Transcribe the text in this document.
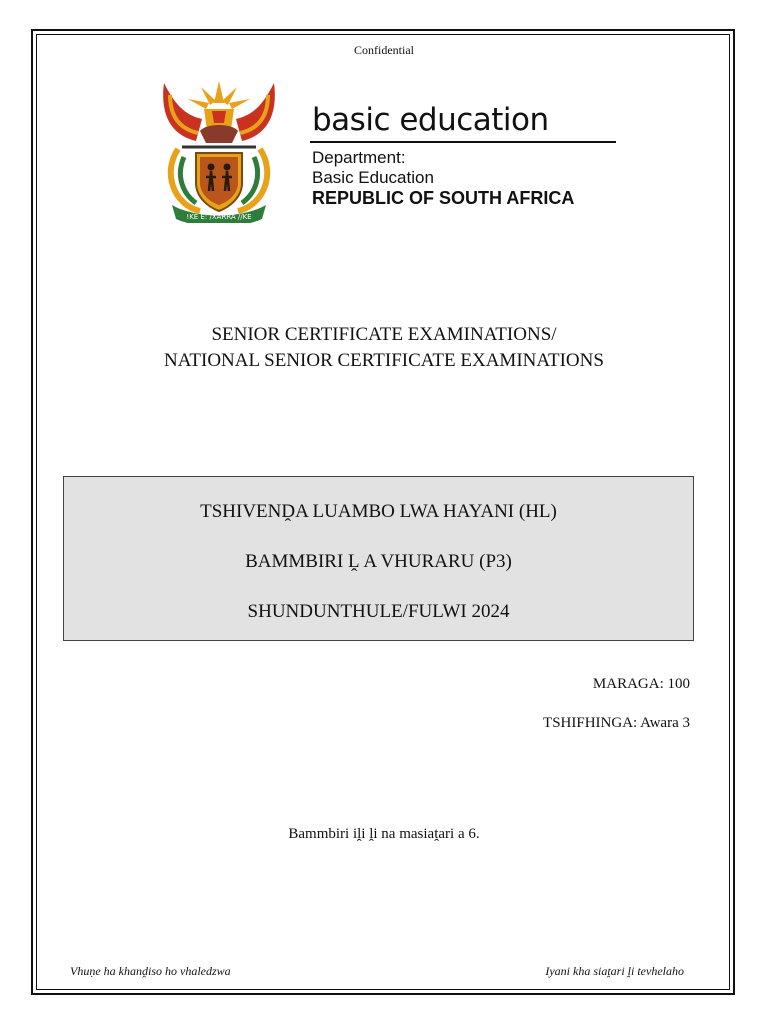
Confidential
!KE E: /XARRA //KE
basic education
Department:
Basic Education
REPUBLIC OF SOUTH AFRICA
SENIOR CERTIFICATE EXAMINATIONS/
NATIONAL SENIOR CERTIFICATE EXAMINATIONS
TSHIVENḒA LUAMBO LWA HAYANI (HL)
BAMMBIRI Ḽ A VHURARU (P3)
SHUNDUNTHULE/FULWI 2024
MARAGA: 100
TSHIFHINGA: Awara 3
Bammbiri iḽi ḽi na masiaṱari a 6.
Vhuṇe ha khanḓiso ho vhaledzwa	Iyani kha siaṱari ḽi tevhelaho
